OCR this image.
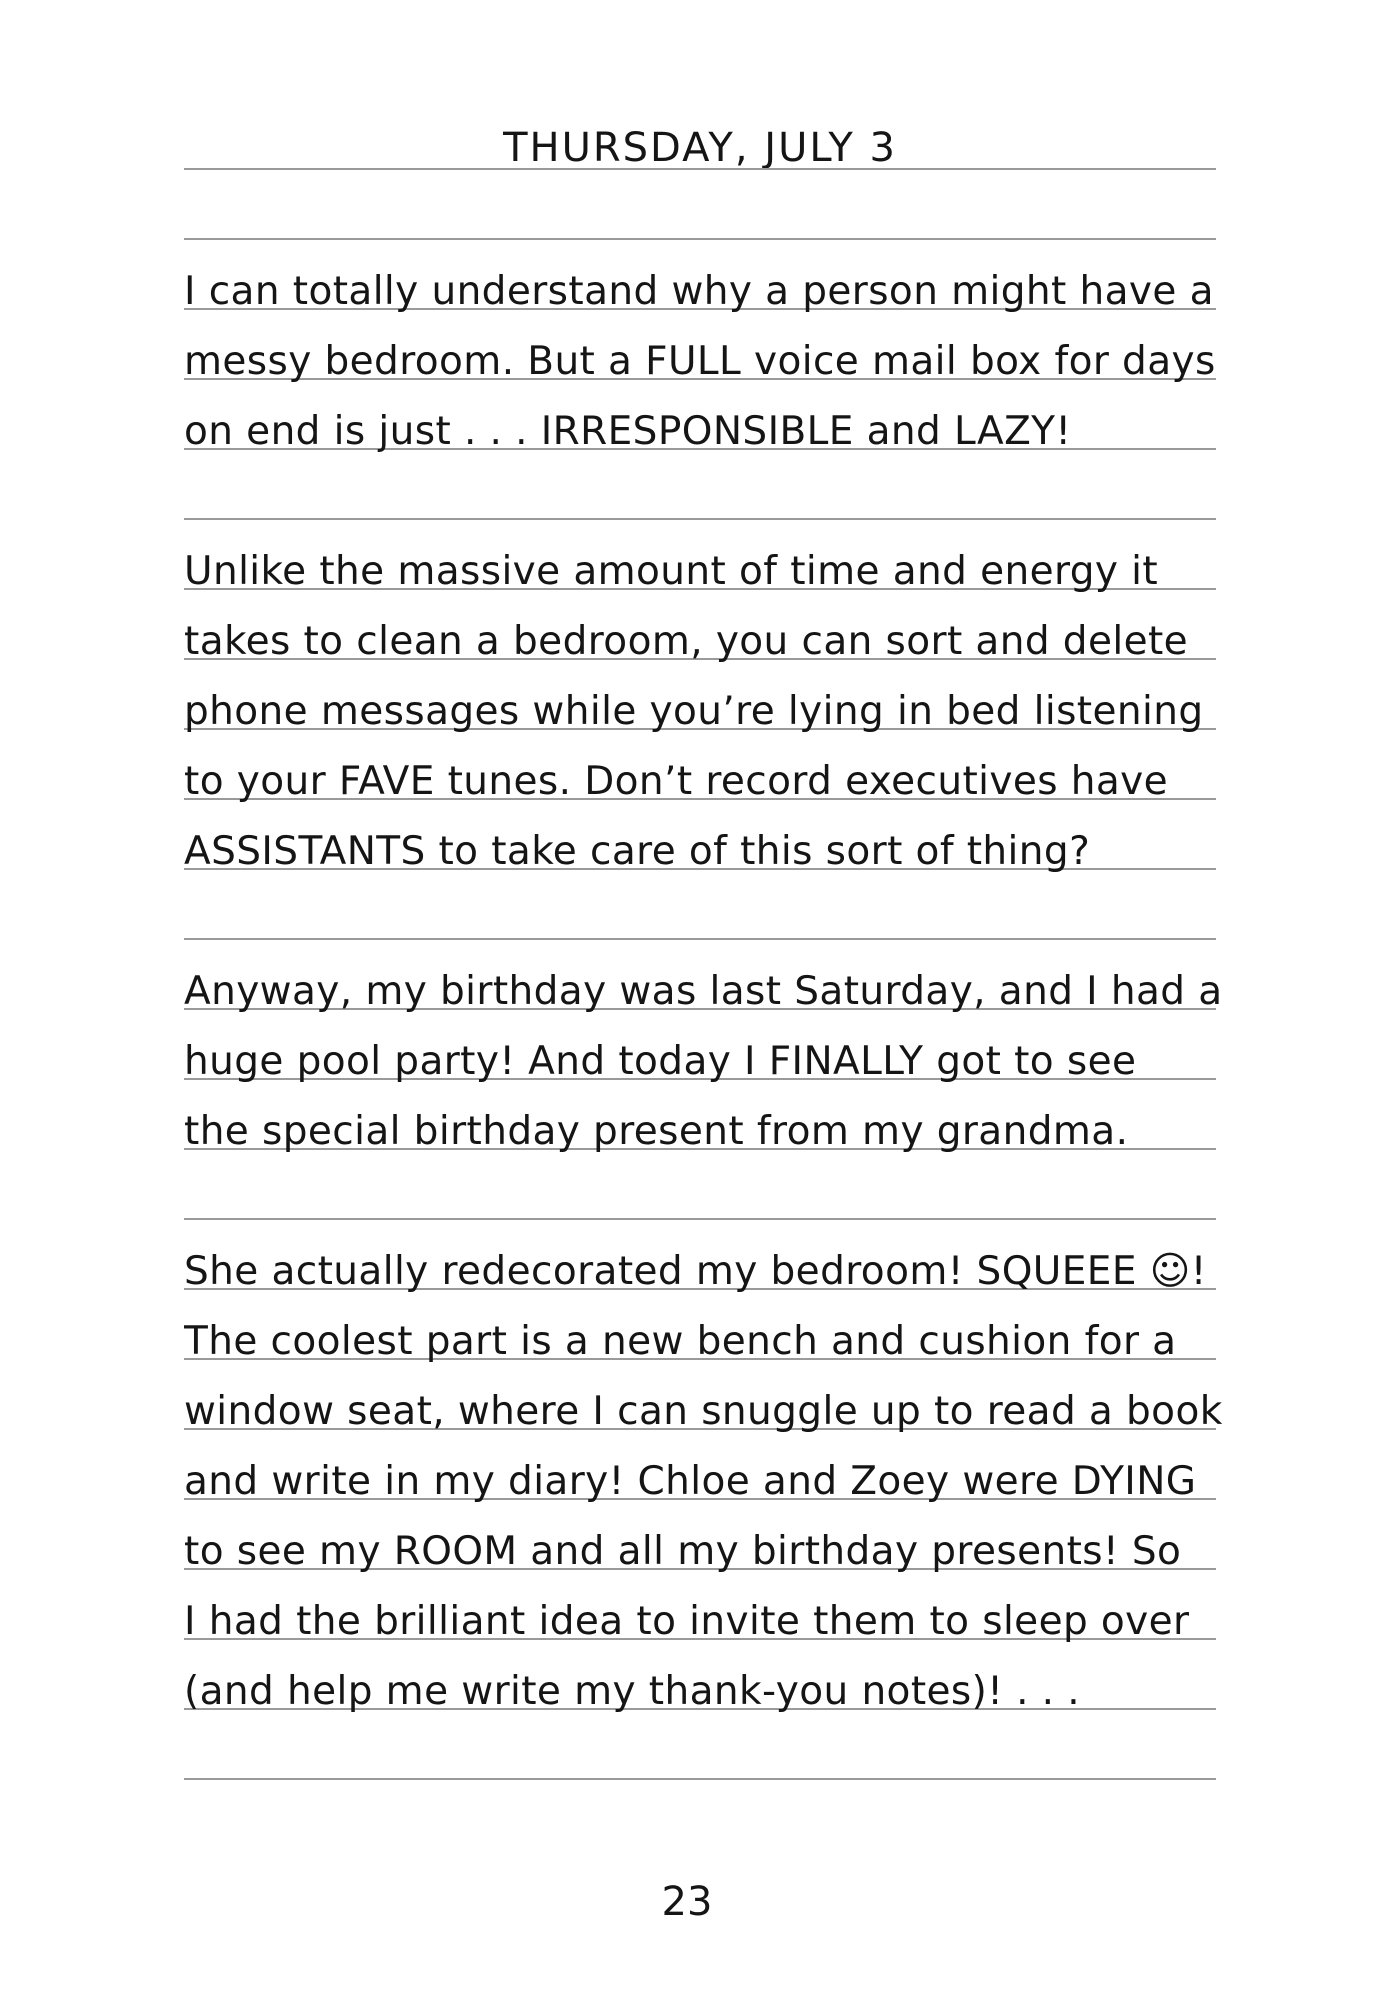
THURSDAY, JULY 3
I can totally understand why a person might have a
messy bedroom. But a FULL voice mail box for days
on end is just . . . IRRESPONSIBLE and LAZY!
Unlike the massive amount of time and energy it
takes to clean a bedroom, you can sort and delete
phone messages while you’re lying in bed listening
to your FAVE tunes. Don’t record executives have
ASSISTANTS to take care of this sort of thing?
Anyway, my birthday was last Saturday, and I had a
huge pool party! And today I FINALLY got to see
the special birthday present from my grandma.
She actually redecorated my bedroom! SQUEEE ☺!
The coolest part is a new bench and cushion for a
window seat, where I can snuggle up to read a book
and write in my diary! Chloe and Zoey were DYING
to see my ROOM and all my birthday presents! So
I had the brilliant idea to invite them to sleep over
(and help me write my thank-you notes)! . . .
23
